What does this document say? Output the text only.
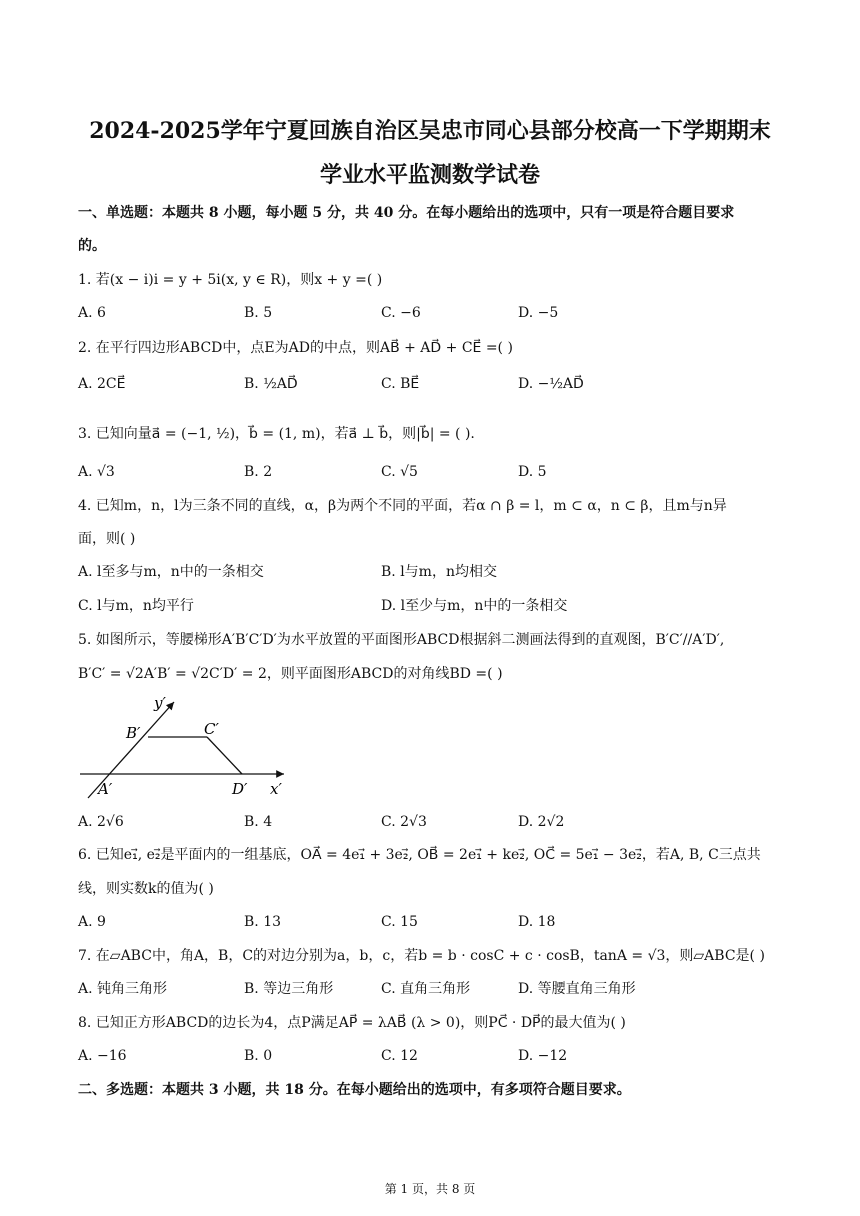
2024-2025学年宁夏回族自治区吴忠市同心县部分校高一下学期期末
学业水平监测数学试卷
一、单选题：本题共 8 小题，每小题 5 分，共 40 分。在每小题给出的选项中，只有一项是符合题目要求
的。
1. 若(x − i)i = y + 5i(x, y ∈ R)，则x + y =( )
A. 6	B. 5	C. −6	D. −5
2. 在平行四边形ABCD中，点E为AD的中点，则AB⃗ + AD⃗ + CE⃗ =( )
A. 2CE⃗	B. ½AD⃗	C. BE⃗	D. −½AD⃗
3. 已知向量a⃗ = (−1, ½)，b⃗ = (1, m)，若a⃗ ⊥ b⃗，则|b⃗| = ( ).
A. √3	B. 2	C. √5	D. 5
4. 已知m，n，l为三条不同的直线，α，β为两个不同的平面，若α ∩ β = l，m ⊂ α，n ⊂ β，且m与n异
面，则( )
A. l至多与m，n中的一条相交	B. l与m，n均相交
C. l与m，n均平行	D. l至少与m，n中的一条相交
5. 如图所示，等腰梯形A′B′C′D′为水平放置的平面图形ABCD根据斜二测画法得到的直观图，B′C′//A′D′,
B′C′ = √2A′B′ = √2C′D′ = 2，则平面图形ABCD的对角线BD =( )
y′
B′	C′
A′	D′ x′
A. 2√6	B. 4	C. 2√3	D. 2√2
6. 已知e₁⃗, e₂⃗是平面内的一组基底，OA⃗ = 4e₁⃗ + 3e₂⃗, OB⃗ = 2e₁⃗ + ke₂⃗, OC⃗ = 5e₁⃗ − 3e₂⃗，若A, B, C三点共
线，则实数k的值为( )
A. 9	B. 13	C. 15	D. 18
7. 在▱ABC中，角A，B，C的对边分别为a，b，c，若b = b · cosC + c · cosB，tanA = √3，则▱ABC是( )
A. 钝角三角形	B. 等边三角形	C. 直角三角形	D. 等腰直角三角形
8. 已知正方形ABCD的边长为4，点P满足AP⃗ = λAB⃗ (λ > 0)，则PC⃗ · DP⃗的最大值为( )
A. −16	B. 0	C. 12	D. −12
二、多选题：本题共 3 小题，共 18 分。在每小题给出的选项中，有多项符合题目要求。
第 1 页，共 8 页
